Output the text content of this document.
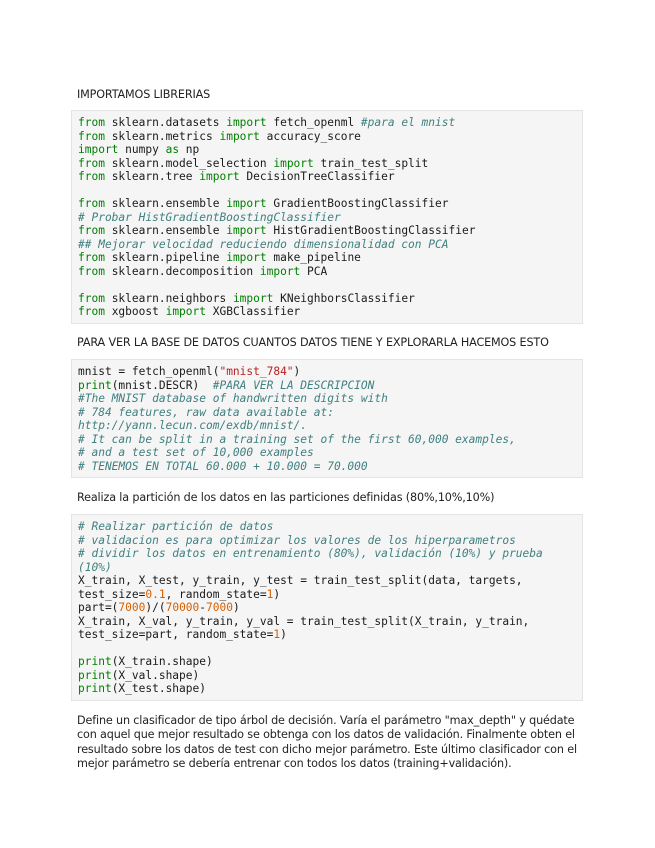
IMPORTAMOS LIBRERIAS
from sklearn.datasets import fetch_openml #para el mnist
from sklearn.metrics import accuracy_score
import numpy as np
from sklearn.model_selection import train_test_split
from sklearn.tree import DecisionTreeClassifier
from sklearn.ensemble import GradientBoostingClassifier
# Probar HistGradientBoostingClassifier
from sklearn.ensemble import HistGradientBoostingClassifier
## Mejorar velocidad reduciendo dimensionalidad con PCA
from sklearn.pipeline import make_pipeline
from sklearn.decomposition import PCA
from sklearn.neighbors import KNeighborsClassifier
from xgboost import XGBClassifier
PARA VER LA BASE DE DATOS CUANTOS DATOS TIENE Y EXPLORARLA HACEMOS ESTO
mnist = fetch_openml("mnist_784")
print(mnist.DESCR)  #PARA VER LA DESCRIPCION
#The MNIST database of handwritten digits with
# 784 features, raw data available at:
http://yann.lecun.com/exdb/mnist/.
# It can be split in a training set of the first 60,000 examples,
# and a test set of 10,000 examples
# TENEMOS EN TOTAL 60.000 + 10.000 = 70.000
Realiza la partición de los datos en las particiones definidas (80%,10%,10%)
# Realizar partición de datos
# validacion es para optimizar los valores de los hiperparametros
# dividir los datos en entrenamiento (80%), validación (10%) y prueba (10%)
X_train, X_test, y_train, y_test = train_test_split(data, targets, test_size=0.1, random_state=1)
part=(7000)/(70000-7000)
X_train, X_val, y_train, y_val = train_test_split(X_train, y_train, test_size=part, random_state=1)
print(X_train.shape)
print(X_val.shape)
print(X_test.shape)
Define un clasificador de tipo árbol de decisión. Varía el parámetro "max_depth" y quédate con aquel que mejor resultado se obtenga con los datos de validación. Finalmente obten el resultado sobre los datos de test con dicho mejor parámetro. Este último clasificador con el mejor parámetro se debería entrenar con todos los datos (training+validación).
